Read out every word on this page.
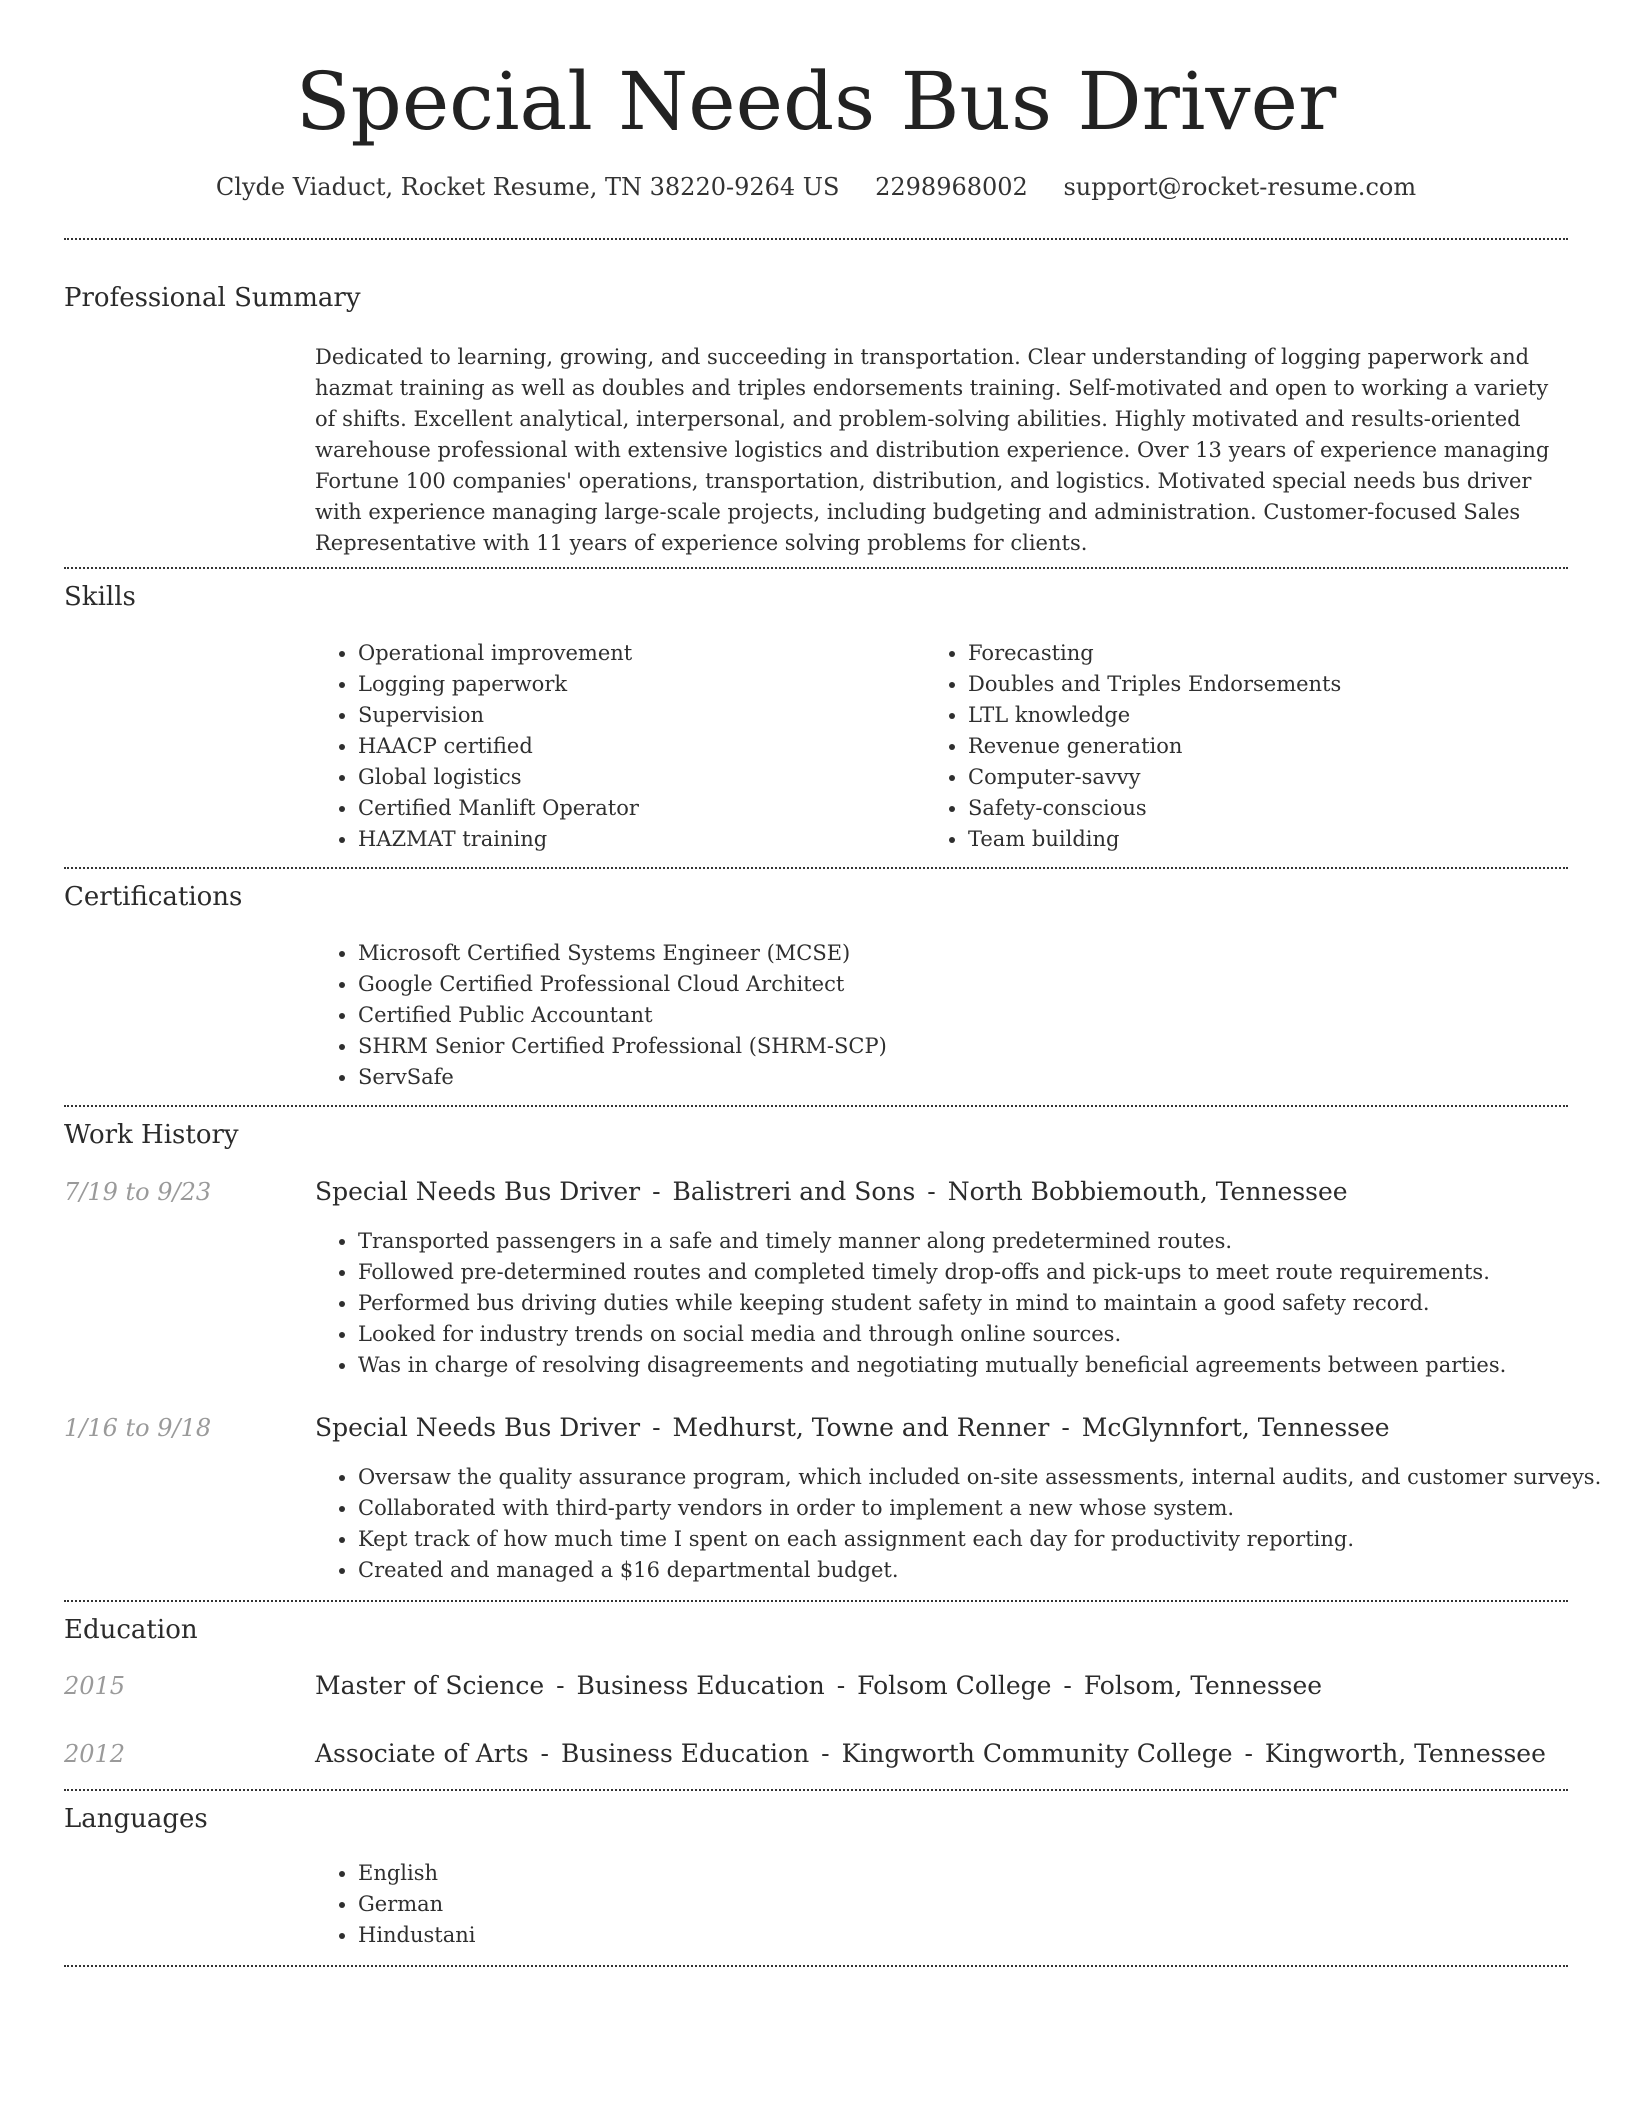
Special Needs Bus Driver
Clyde Viaduct, Rocket Resume, TN 38220-9264 US 2298968002 support@rocket-resume.com
Professional Summary

Dedicated to learning, growing, and succeeding in transportation. Clear understanding of logging paperwork and hazmat training as well as doubles and triples endorsements training. Self-motivated and open to working a variety of shifts. Excellent analytical, interpersonal, and problem-solving abilities. Highly motivated and results-oriented warehouse professional with extensive logistics and distribution experience. Over 13 years of experience managing Fortune 100 companies' operations, transportation, distribution, and logistics. Motivated special needs bus driver with experience managing large-scale projects, including budgeting and administration. Customer-focused Sales Representative with 11 years of experience solving problems for clients.

Skills
• Operational improvement
• Logging paperwork
• Supervision
• HAACP certified
• Global logistics
• Certified Manlift Operator
• HAZMAT training
• Forecasting
• Doubles and Triples Endorsements
• LTL knowledge
• Revenue generation
• Computer-savvy
• Safety-conscious
• Team building
Certifications
• Microsoft Certified Systems Engineer (MCSE)
• Google Certified Professional Cloud Architect
• Certified Public Accountant
• SHRM Senior Certified Professional (SHRM-SCP)
• ServSafe
Work History
7/19 to 9/23	Special Needs Bus Driver - Balistreri and Sons - North Bobbiemouth, Tennessee
• Transported passengers in a safe and timely manner along predetermined routes.
• Followed pre-determined routes and completed timely drop-offs and pick-ups to meet route requirements.
• Performed bus driving duties while keeping student safety in mind to maintain a good safety record.
• Looked for industry trends on social media and through online sources.
• Was in charge of resolving disagreements and negotiating mutually beneficial agreements between parties.
1/16 to 9/18	Special Needs Bus Driver - Medhurst, Towne and Renner - McGlynnfort, Tennessee
• Oversaw the quality assurance program, which included on-site assessments, internal audits, and customer surveys.
• Collaborated with third-party vendors in order to implement a new whose system.
• Kept track of how much time I spent on each assignment each day for productivity reporting.
• Created and managed a $16 departmental budget.
Education
2015	Master of Science - Business Education - Folsom College - Folsom, Tennessee
2012	Associate of Arts - Business Education - Kingworth Community College - Kingworth, Tennessee
Languages
• English
• German
• Hindustani
